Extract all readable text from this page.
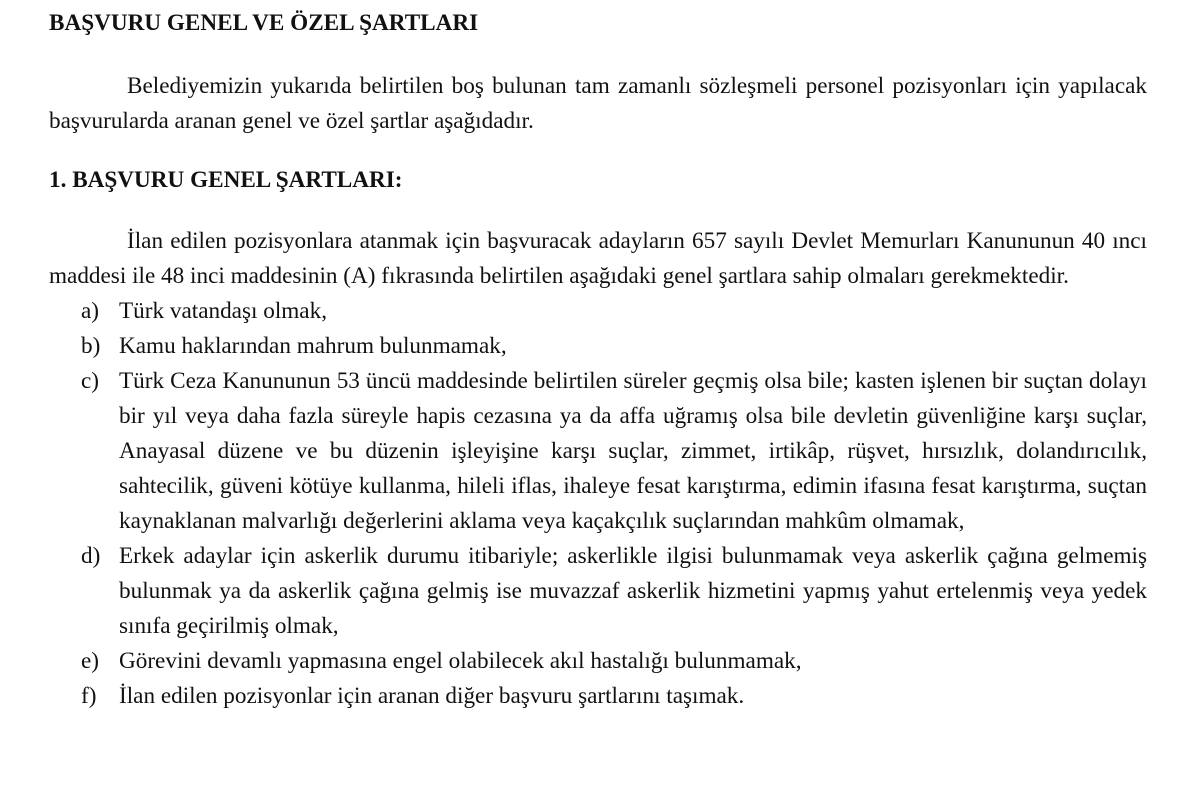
BAŞVURU GENEL VE ÖZEL ŞARTLARI

Belediyemizin yukarıda belirtilen boş bulunan tam zamanlı sözleşmeli personel pozisyonları için yapılacak başvurularda aranan genel ve özel şartlar aşağıdadır.

1. BAŞVURU GENEL ŞARTLARI:

İlan edilen pozisyonlara atanmak için başvuracak adayların 657 sayılı Devlet Memurları Kanununun 40 ıncı maddesi ile 48 inci maddesinin (A) fıkrasında belirtilen aşağıdaki genel şartlara sahip olmaları gerekmektedir.

a) Türk vatandaşı olmak,
b) Kamu haklarından mahrum bulunmamak,
c) Türk Ceza Kanununun 53 üncü maddesinde belirtilen süreler geçmiş olsa bile; kasten işlenen bir suçtan dolayı bir yıl veya daha fazla süreyle hapis cezasına ya da affa uğramış olsa bile devletin güvenliğine karşı suçlar, Anayasal düzene ve bu düzenin işleyişine karşı suçlar, zimmet, irtikâp, rüşvet, hırsızlık, dolandırıcılık, sahtecilik, güveni kötüye kullanma, hileli iflas, ihaleye fesat karıştırma, edimin ifasına fesat karıştırma, suçtan kaynaklanan malvarlığı değerlerini aklama veya kaçakçılık suçlarından mahkûm olmamak,
d) Erkek adaylar için askerlik durumu itibariyle; askerlikle ilgisi bulunmamak veya askerlik çağına gelmemiş bulunmak ya da askerlik çağına gelmiş ise muvazzaf askerlik hizmetini yapmış yahut ertelenmiş veya yedek sınıfa geçirilmiş olmak,
e) Görevini devamlı yapmasına engel olabilecek akıl hastalığı bulunmamak,
f) İlan edilen pozisyonlar için aranan diğer başvuru şartlarını taşımak.
